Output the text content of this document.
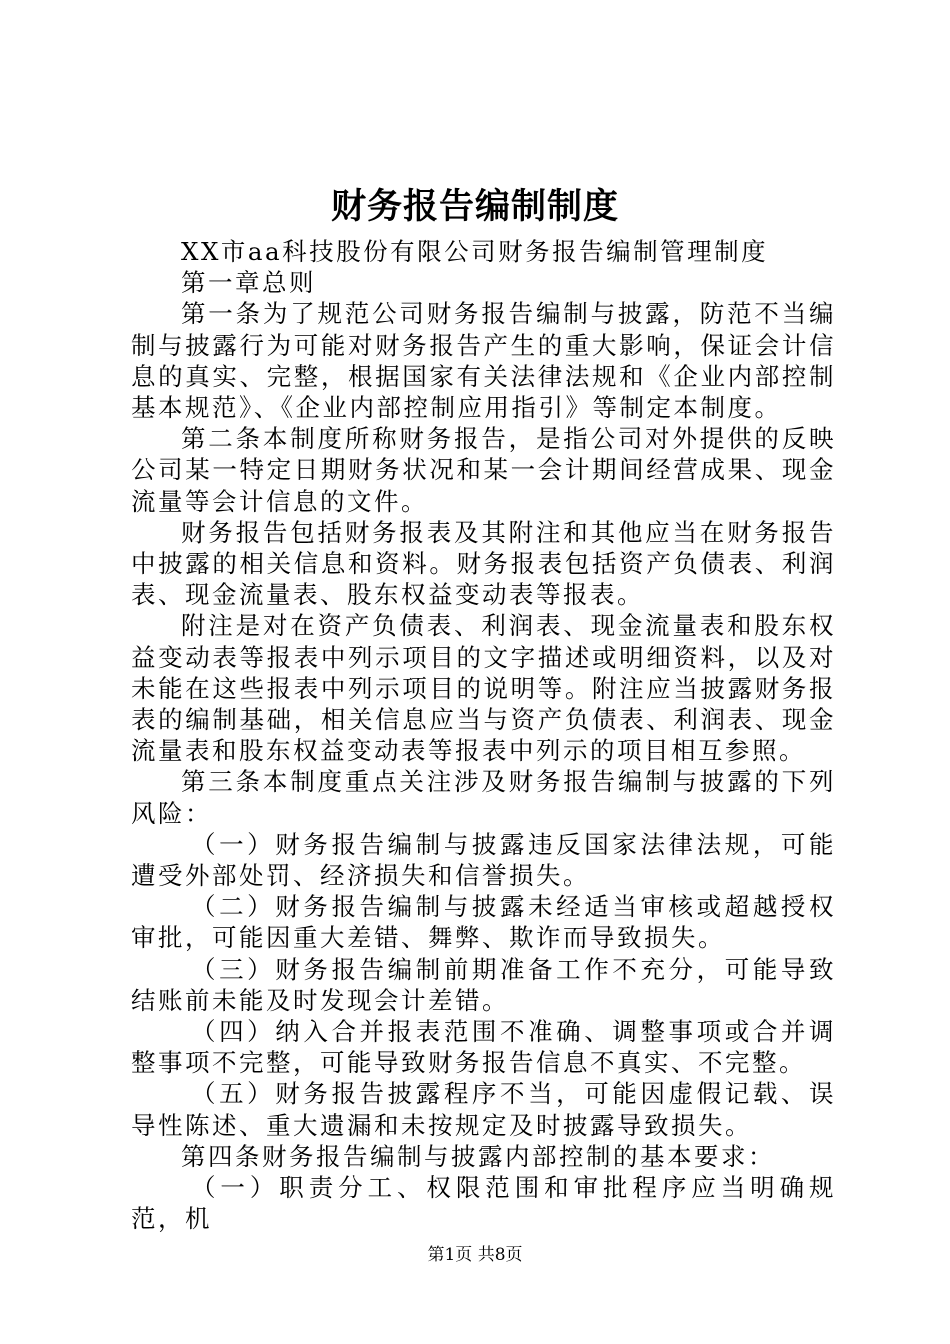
财务报告编制制度

XX市aa科技股份有限公司财务报告编制管理制度

第一章总则

第一条为了规范公司财务报告编制与披露，防范不当编制与披露行为可能对财务报告产生的重大影响，保证会计信息的真实、完整，根据国家有关法律法规和《企业内部控制基本规范》、《企业内部控制应用指引》等制定本制度。

第二条本制度所称财务报告，是指公司对外提供的反映公司某一特定日期财务状况和某一会计期间经营成果、现金流量等会计信息的文件。

财务报告包括财务报表及其附注和其他应当在财务报告中披露的相关信息和资料。财务报表包括资产负债表、利润表、现金流量表、股东权益变动表等报表。

附注是对在资产负债表、利润表、现金流量表和股东权益变动表等报表中列示项目的文字描述或明细资料，以及对未能在这些报表中列示项目的说明等。附注应当披露财务报表的编制基础，相关信息应当与资产负债表、利润表、现金流量表和股东权益变动表等报表中列示的项目相互参照。

第三条本制度重点关注涉及财务报告编制与披露的下列风险：

（一）财务报告编制与披露违反国家法律法规，可能遭受外部处罚、经济损失和信誉损失。

（二）财务报告编制与披露未经适当审核或超越授权审批，可能因重大差错、舞弊、欺诈而导致损失。

（三）财务报告编制前期准备工作不充分，可能导致结账前未能及时发现会计差错。

（四）纳入合并报表范围不准确、调整事项或合并调整事项不完整，可能导致财务报告信息不真实、不完整。

（五）财务报告披露程序不当，可能因虚假记载、误导性陈述、重大遗漏和未按规定及时披露导致损失。

第四条财务报告编制与披露内部控制的基本要求：

（一）职责分工、权限范围和审批程序应当明确规范，机

第1页 共8页
